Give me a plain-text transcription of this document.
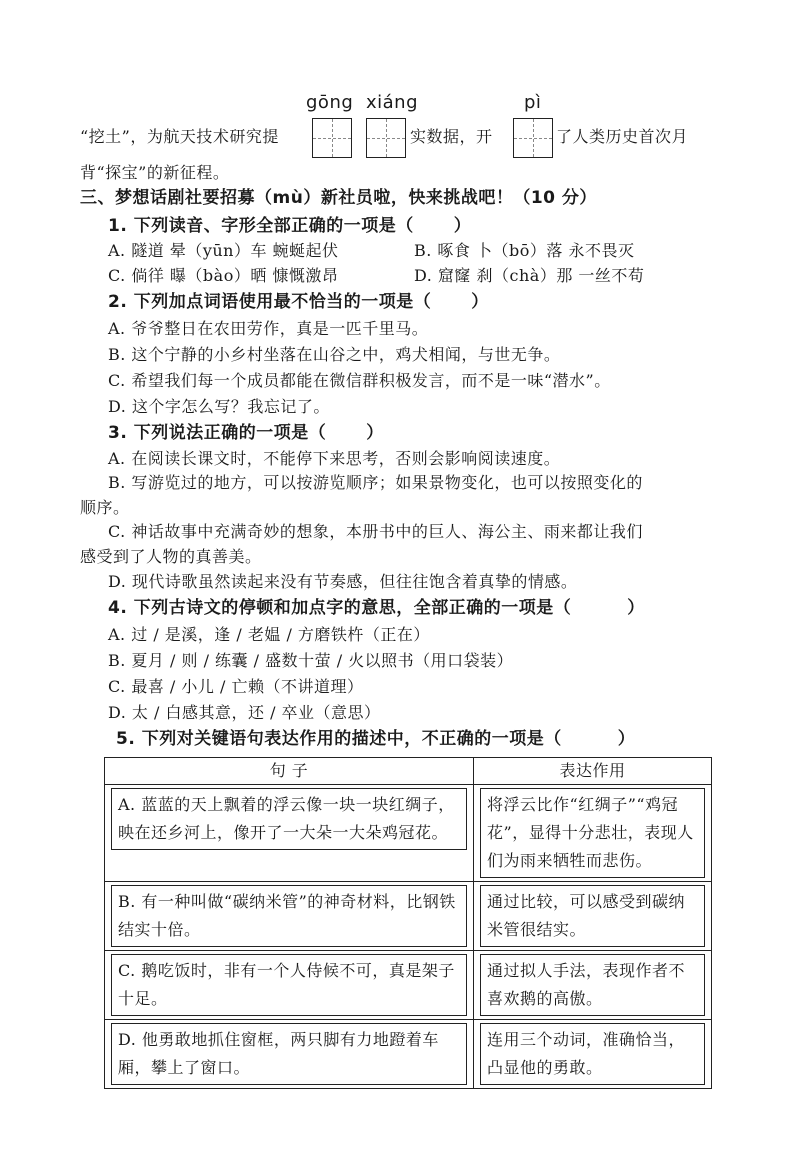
gōng xiáng	pì
“挖土”，为航天技术研究提	实数据，开	了人类历史首次月
背“探宝”的新征程。
三、梦想话剧社要招募（mù）新社员啦，快来挑战吧！（10 分）
1. 下列读音、字形全部正确的一项是（ ）
A. 隧道 晕（yūn）车 蜿蜒起伏	B. 啄食 卜（bō）落 永不畏灭
C. 倘徉 曝（bào）晒 慷慨激昂	D. 窟窿 刹（chà）那 一丝不苟
2. 下列加点词语使用最不恰当的一项是（ ）
A. 爷爷整日在农田劳作，真是一匹千里马。
B. 这个宁静的小乡村坐落在山谷之中，鸡犬相闻，与世无争。
C. 希望我们每一个成员都能在微信群积极发言，而不是一味“潜水”。
D. 这个字怎么写？我忘记了。
3. 下列说法正确的一项是（ ）
A. 在阅读长课文时，不能停下来思考，否则会影响阅读速度。
B. 写游览过的地方，可以按游览顺序；如果景物变化，也可以按照变化的
顺序。
C. 神话故事中充满奇妙的想象，本册书中的巨人、海公主、雨来都让我们
感受到了人物的真善美。
D. 现代诗歌虽然读起来没有节奏感，但往往饱含着真挚的情感。
4. 下列古诗文的停顿和加点字的意思，全部正确的一项是（	）
A. 过 / 是溪，逢 / 老媪 / 方磨铁杵（正在）
B. 夏月 / 则 / 练囊 / 盛数十萤 / 火以照书（用口袋装）
C. 最喜 / 小儿 / 亡赖（不讲道理）
D. 太 / 白感其意，还 / 卒业（意思）
5. 下列对关键语句表达作用的描述中，不正确的一项是（	）
句 子	表达作用

A. 蓝蓝的天上飘着的浮云像一块一块红绸子，映在还乡河上，像开了一大朵一大朵鸡冠花。	将浮云比作“红绸子”“鸡冠花”，显得十分悲壮，表现人们为雨来牺牲而悲伤。

B. 有一种叫做“碳纳米管”的神奇材料，比钢铁结实十倍。	通过比较，可以感受到碳纳米管很结实。

C. 鹅吃饭时，非有一个人侍候不可，真是架子十足。	通过拟人手法，表现作者不喜欢鹅的高傲。

D. 他勇敢地抓住窗框，两只脚有力地蹬着车厢，攀上了窗口。	连用三个动词，准确恰当，凸显他的勇敢。
